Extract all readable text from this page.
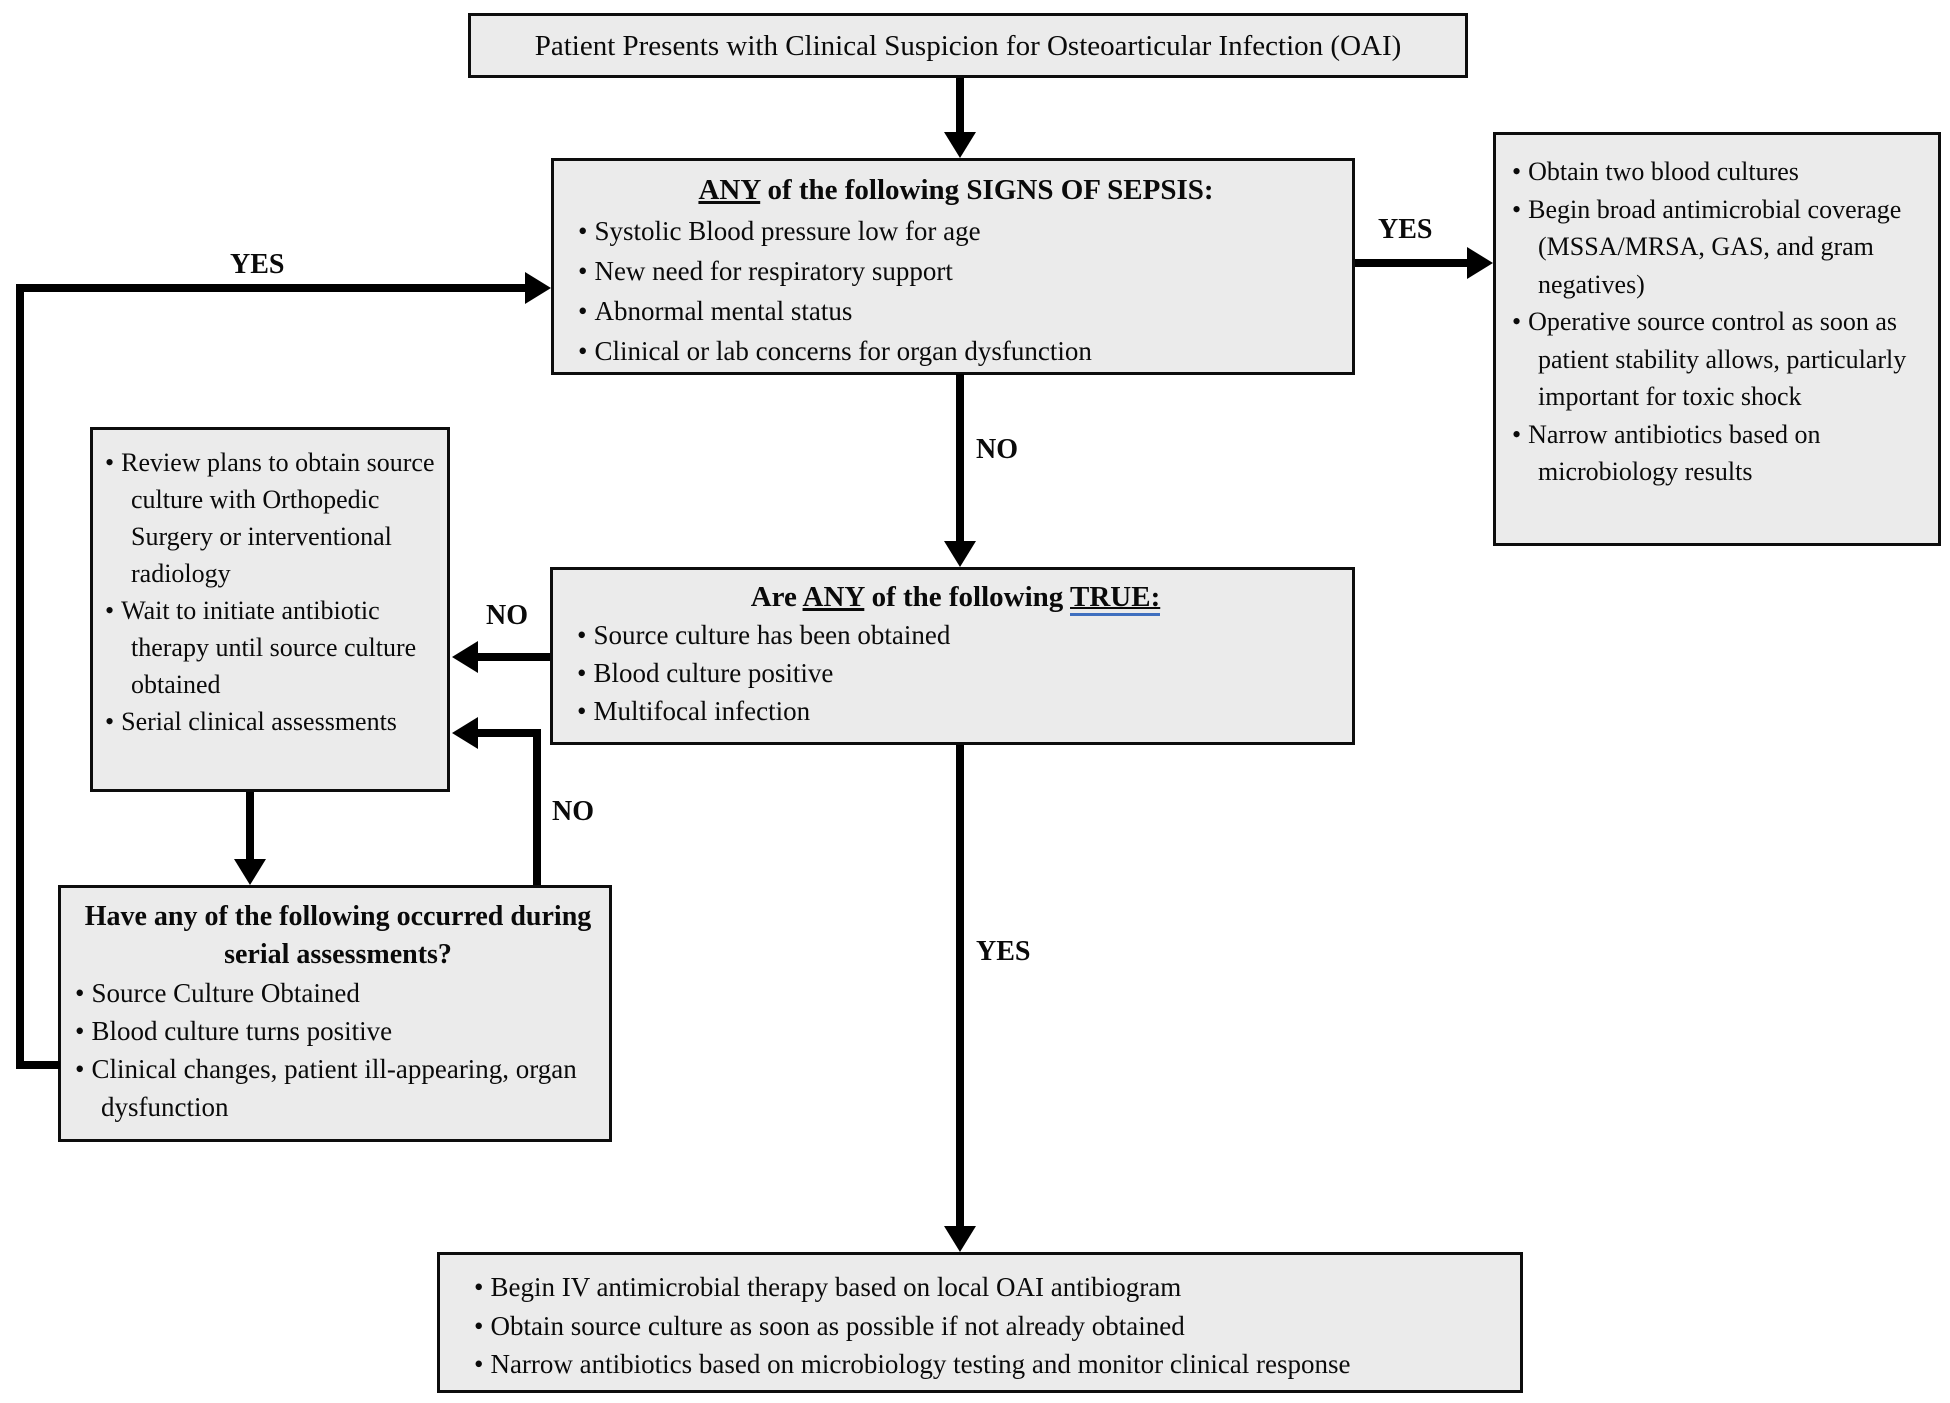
Patient Presents with Clinical Suspicion for Osteoarticular Infection (OAI)
ANY of the following SIGNS OF SEPSIS:
• Systolic Blood pressure low for age
• New need for respiratory support
• Abnormal mental status
• Clinical or lab concerns for organ dysfunction
• Obtain two blood cultures
• Begin broad antimicrobial coverage (MSSA/MRSA, GAS, and gram negatives)
• Operative source control as soon as patient stability allows, particularly important for toxic shock
• Narrow antibiotics based on microbiology results
Are ANY of the following TRUE:
• Source culture has been obtained
• Blood culture positive
• Multifocal infection
• Review plans to obtain source culture with Orthopedic Surgery or interventional radiology
• Wait to initiate antibiotic therapy until source culture obtained
• Serial clinical assessments
Have any of the following occurred during serial assessments?
• Source Culture Obtained
• Blood culture turns positive
• Clinical changes, patient ill-appearing, organ dysfunction
• Begin IV antimicrobial therapy based on local OAI antibiogram
• Obtain source culture as soon as possible if not already obtained
• Narrow antibiotics based on microbiology testing and monitor clinical response
NO
YES
NO
NO
YES
YES
